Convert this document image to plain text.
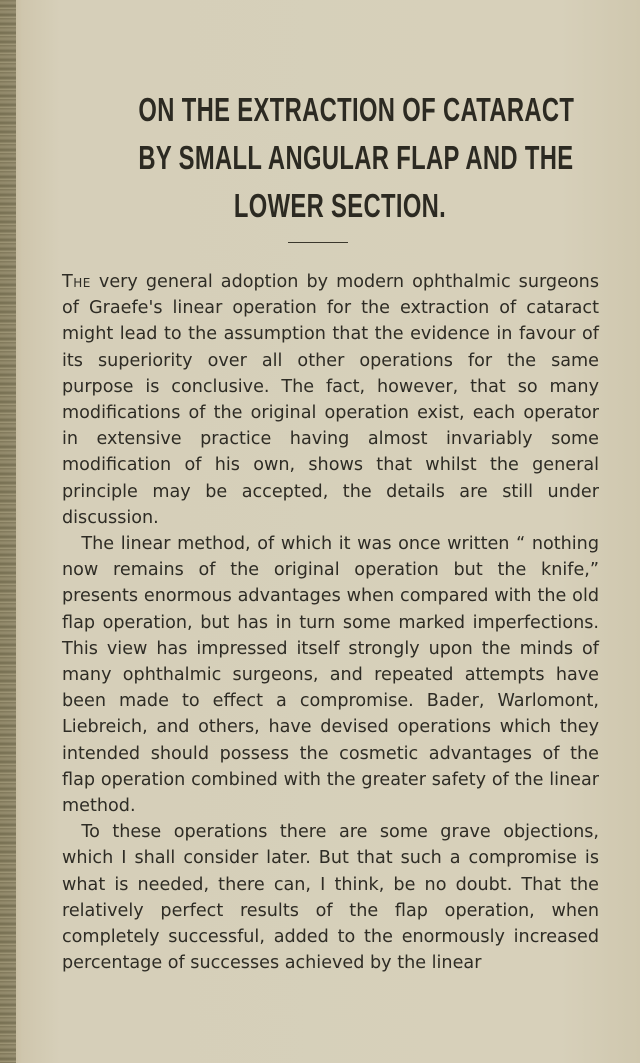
ON THE EXTRACTION OF CATARACT
BY SMALL ANGULAR FLAP AND THE
LOWER SECTION.

The very general adoption by modern ophthalmic surgeons of Graefe's linear operation for the extraction of cataract might lead to the assumption that the evidence in favour of its superiority over all other operations for the same purpose is conclusive. The fact, however, that so many modifications of the original operation exist, each operator in extensive practice having almost invariably some modification of his own, shows that whilst the general principle may be accepted, the details are still under discussion.

The linear method, of which it was once written “ nothing now remains of the original operation but the knife,” presents enormous advantages when compared with the old flap operation, but has in turn some marked imperfections. This view has impressed itself strongly upon the minds of many ophthalmic surgeons, and repeated attempts have been made to effect a compromise. Bader, Warlomont, Liebreich, and others, have devised operations which they intended should possess the cosmetic advantages of the flap operation combined with the greater safety of the linear method.

To these operations there are some grave objections, which I shall consider later. But that such a compromise is what is needed, there can, I think, be no doubt. That the relatively perfect results of the flap operation, when completely successful, added to the enormously increased percentage of successes achieved by the linear
